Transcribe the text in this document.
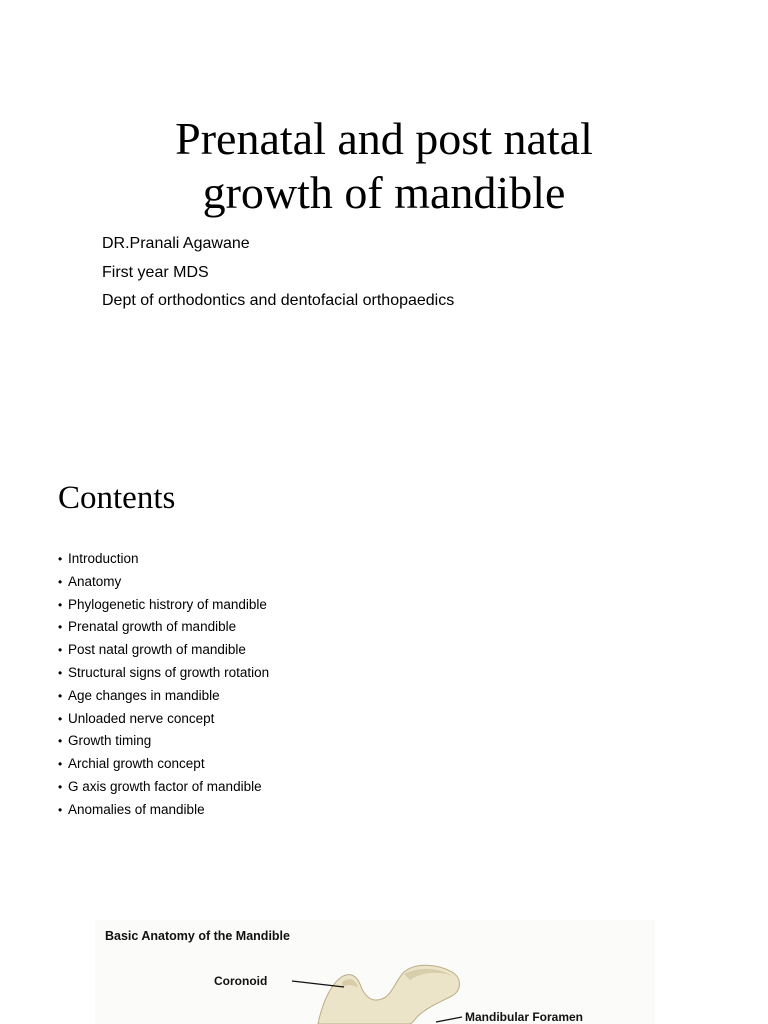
Prenatal and post natal
growth of mandible
DR.Pranali Agawane
First year MDS
Dept of orthodontics and dentofacial orthopaedics
Contents
• Introduction
• Anatomy
• Phylogenetic histrory of mandible
• Prenatal growth of mandible
• Post natal growth of mandible
• Structural signs of growth rotation
• Age changes in mandible
• Unloaded nerve concept
• Growth timing
• Archial growth concept
• G axis growth factor of mandible
• Anomalies of mandible
Basic Anatomy of the Mandible
Coronoid
Mandibular Foramen
